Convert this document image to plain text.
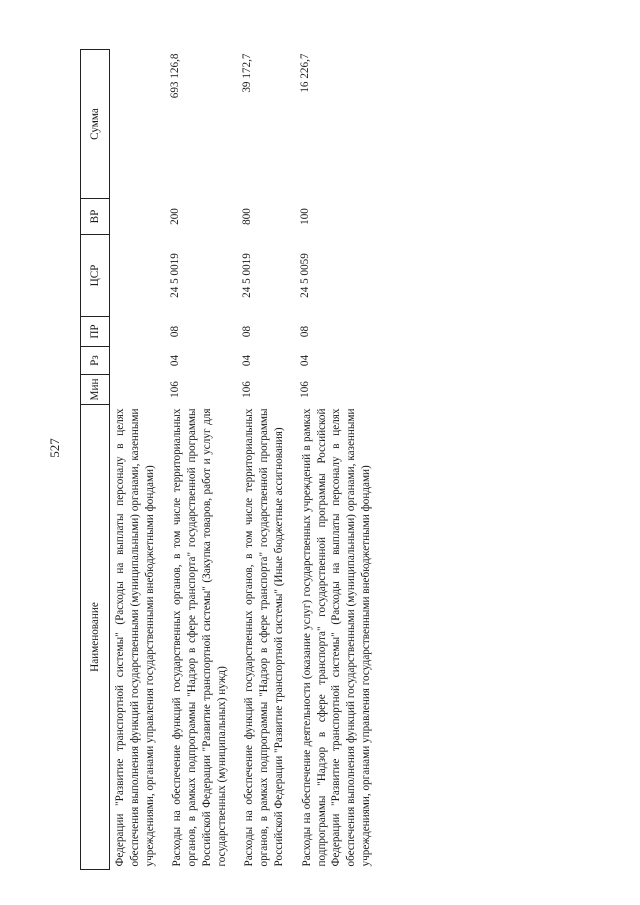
527
Наименование	Мин	Рз	ПР	ЦСР	ВР	Сумма
Федерации "Развитие транспортной системы" (Расходы на выплаты персоналу в целях обеспечения выполнения функций государственными (муниципальными) органами, казенными учреждениями, органами управления государственными внебюджетными фондами)						
Расходы на обеспечение функций государственных органов, в том числе территориальных органов, в рамках подпрограммы "Надзор в сфере транспорта" государственной программы Российской Федерации "Развитие транспортной системы" (Закупка товаров, работ и услуг для государственных (муниципальных) нужд)	106	04	08	24 5 0019	200	693 126,8
Расходы на обеспечение функций государственных органов, в том числе территориальных органов, в рамках подпрограммы "Надзор в сфере транспорта" государственной программы Российской Федерации "Развитие транспортной системы" (Иные бюджетные ассигнования)	106	04	08	24 5 0019	800	39 172,7
Расходы на обеспечение деятельности (оказание услуг) государственных учреждений в рамках подпрограммы "Надзор в сфере транспорта" государственной программы Российской Федерации "Развитие транспортной системы" (Расходы на выплаты персоналу в целях обеспечения выполнения функций государственными (муниципальными) органами, казенными учреждениями, органами управления государственными внебюджетными фондами)	106	04	08	24 5 0059	100	16 226,7
